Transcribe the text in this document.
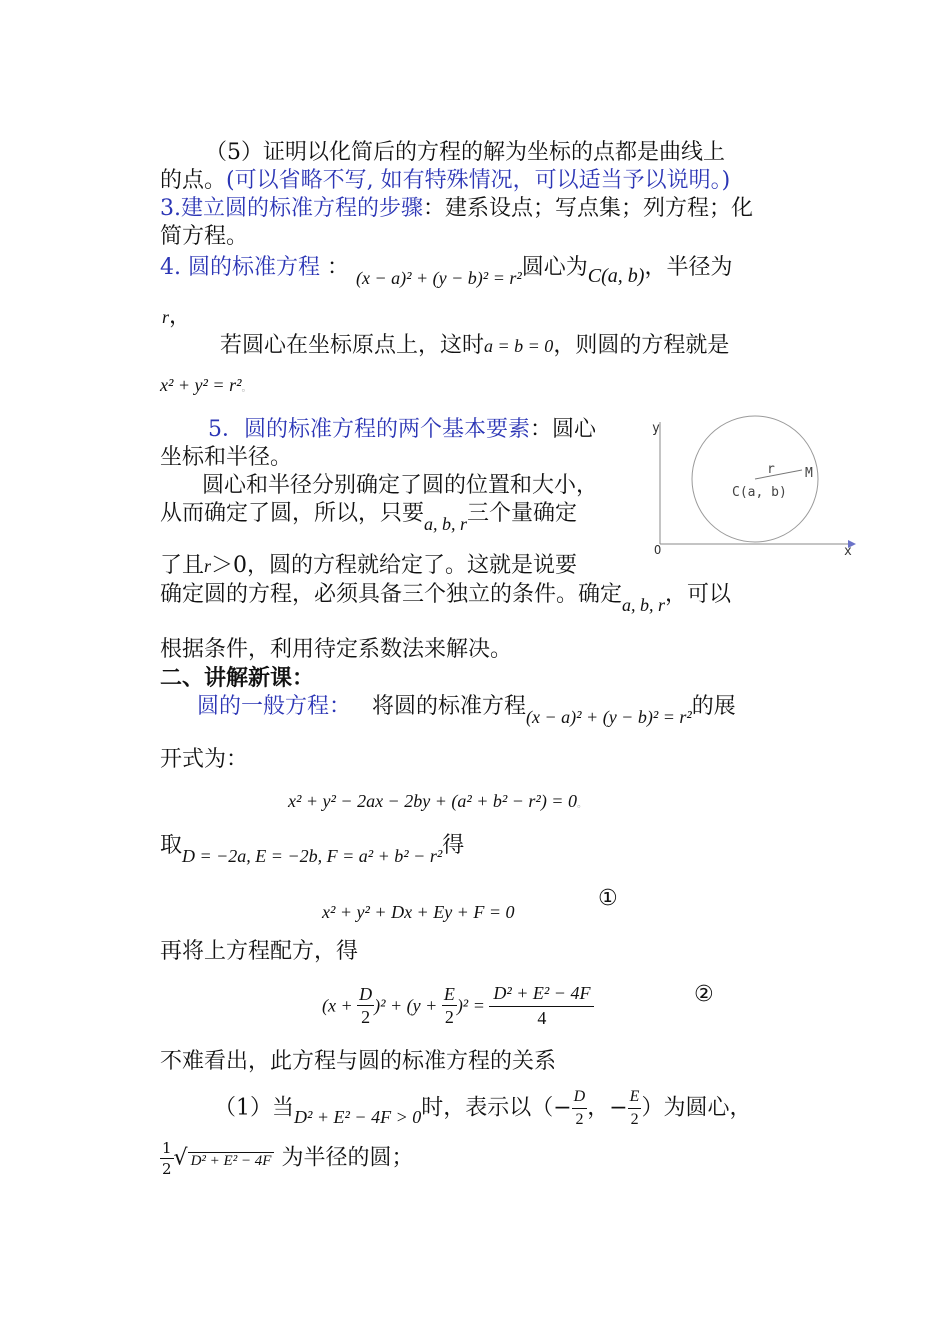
（5）证明以化简后的方程的解为坐标的点都是曲线上
的点。(可以省略不写, 如有特殊情况，可以适当予以说明。)
3.建立圆的标准方程的步骤：建系设点；写点集；列方程；化
简方程。
4. 圆的标准方程 ： $_{(x - a)^2 + (y - b)^2 = r^2}$圆心为C(a, b)，半径为
r，
若圆心在坐标原点上，这时a = b = 0，则圆的方程就是
x² + y² = r²。
5．圆的标准方程的两个基本要素：圆心
坐标和半径。
圆心和半径分别确定了圆的位置和大小，
从而确定了圆，所以，只要$_{a, b, r}$三个量确定
了且r＞0，圆的方程就给定了。这就是说要
确定圆的方程，必须具备三个独立的条件。确定$_{a, b, r}$，可以
根据条件，利用待定系数法来解决。
y
x
O
r M
C(a, b)
二、讲解新课：
圆的一般方程： 将圆的标准方程$_{(x - a)^2 + (y - b)^2 = r^2}$的展
开式为：
x² + y² − 2ax − 2by + (a² + b² − r²) = 0。
取$_{D = -2a, E = -2b, F = a^2 + b^2 - r^2}$得
x² + y² + Dx + Ey + F = 0
①
再将上方程配方，得
$(x + \frac{D}{2} )^2 + (y + \frac{E}{2} )^2 = \frac{\text{D² + E² − 4F}}{4}$	②
不难看出，此方程与圆的标准方程的关系
（1）当$_{D^2 + E^2 - 4F > 0}$时，表示以（− $\frac{D}{2}$ ，− $\frac{E}{2}$ ）为圆心，
$\frac{1}{2}$ √ D² + E² − 4F 为半径的圆；
